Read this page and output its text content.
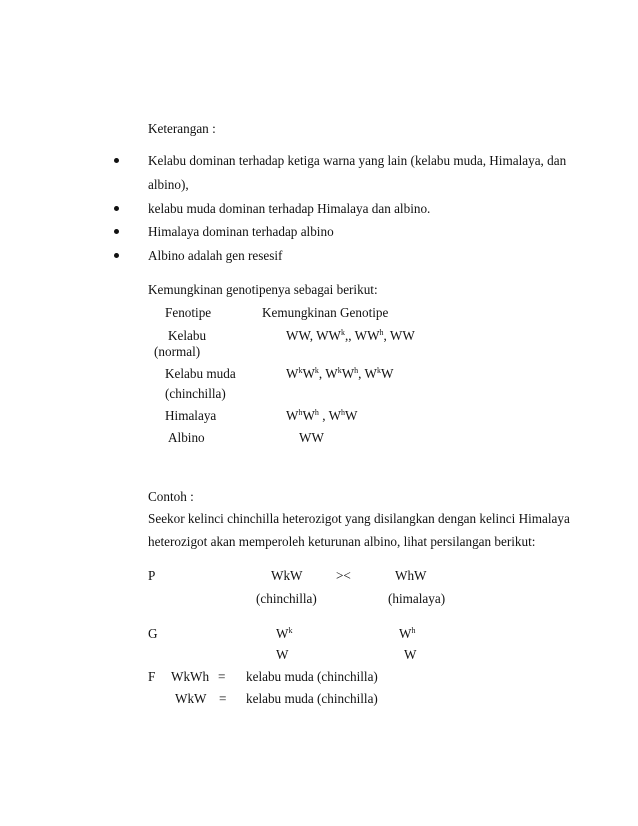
Keterangan :
Kelabu dominan terhadap ketiga warna yang lain (kelabu muda, Himalaya, dan
albino),
kelabu muda dominan terhadap Himalaya dan albino.
Himalaya dominan terhadap albino
Albino adalah gen resesif
Kemungkinan genotipenya sebagai berikut:
Fenotipe	Kemungkinan Genotipe
Kelabu	WW, $WW^k$,, $WW^h$, WW
(normal)
Kelabu muda	$W^kW^k$, $W^kW^h$, $W^kW$
(chinchilla)
Himalaya	$W^hW^h$ , $W^hW$
Albino	WW
Contoh :
Seekor kelinci chinchilla heterozigot yang disilangkan dengan kelinci Himalaya
heterozigot akan memperoleh keturunan albino, lihat persilangan berikut:
P	WkW	><	WhW
(chinchilla)	(himalaya)
G	$W^k$	$W^h$
W	W
F WkWh = kelabu muda (chinchilla)
WkW = kelabu muda (chinchilla)
